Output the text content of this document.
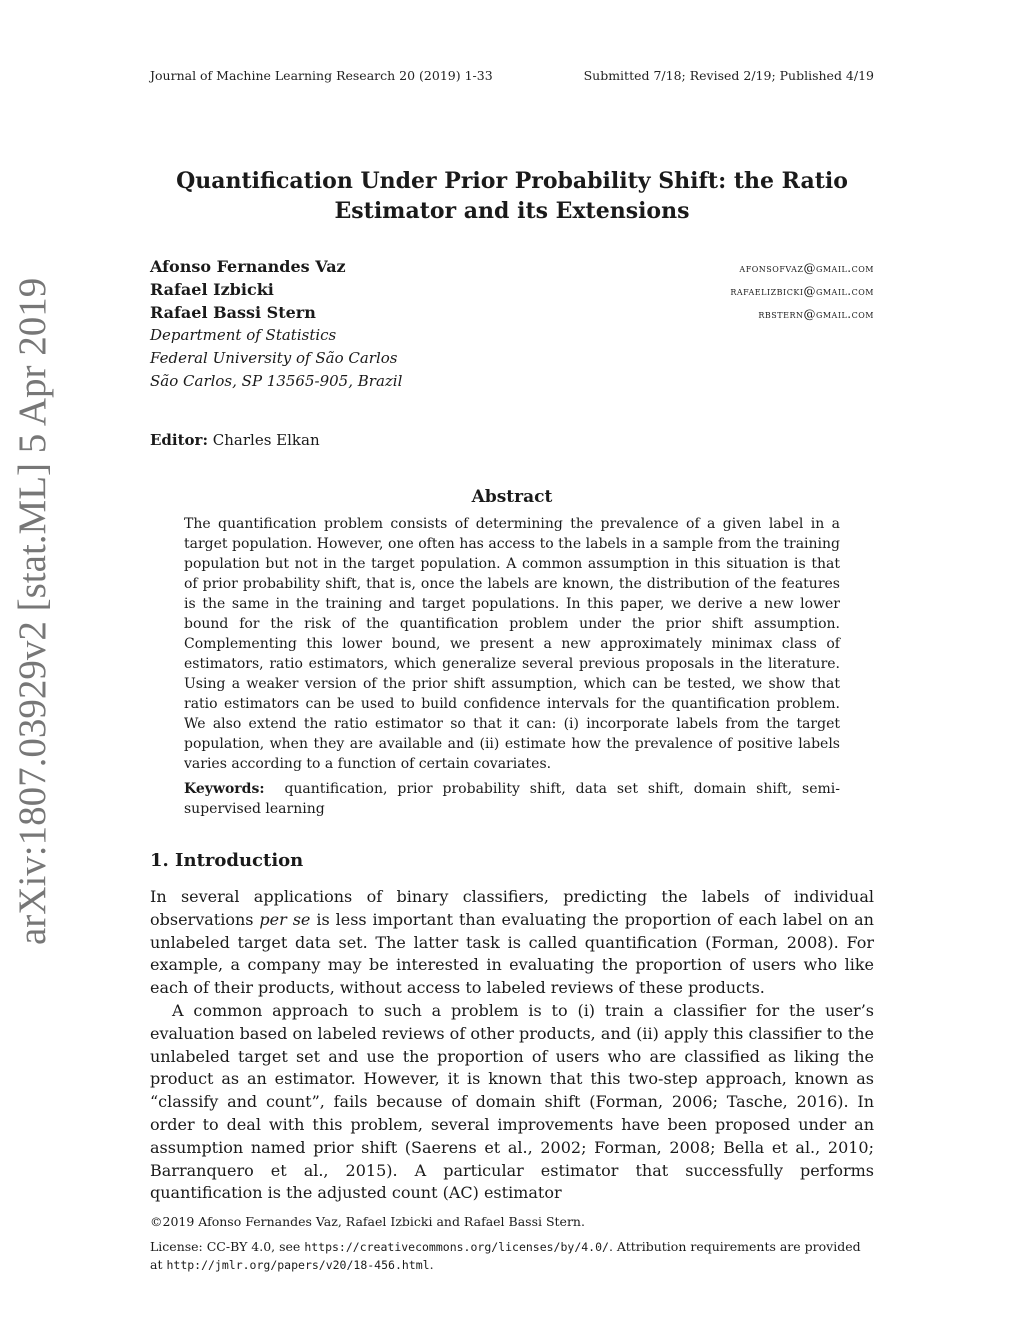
arXiv:1807.03929v2 [stat.ML] 5 Apr 2019
Journal of Machine Learning Research 20 (2019) 1-33	Submitted 7/18; Revised 2/19; Published 4/19
Quantification Under Prior Probability Shift: the Ratio
Estimator and its Extensions
Afonso Fernandes Vaz	afonsofvaz@gmail.com
Rafael Izbicki	rafaelizbicki@gmail.com
Rafael Bassi Stern	rbstern@gmail.com
Department of Statistics
Federal University of São Carlos
São Carlos, SP 13565-905, Brazil
Editor: Charles Elkan
Abstract

The quantification problem consists of determining the prevalence of a given label in a target population. However, one often has access to the labels in a sample from the training population but not in the target population. A common assumption in this situation is that of prior probability shift, that is, once the labels are known, the distribution of the features is the same in the training and target populations. In this paper, we derive a new lower bound for the risk of the quantification problem under the prior shift assumption. Complementing this lower bound, we present a new approximately minimax class of estimators, ratio estimators, which generalize several previous proposals in the literature. Using a weaker version of the prior shift assumption, which can be tested, we show that ratio estimators can be used to build confidence intervals for the quantification problem. We also extend the ratio estimator so that it can: (i) incorporate labels from the target population, when they are available and (ii) estimate how the prevalence of positive labels varies according to a function of certain covariates.

Keywords: quantification, prior probability shift, data set shift, domain shift, semi-supervised learning

1. Introduction

In several applications of binary classifiers, predicting the labels of individual observations per se is less important than evaluating the proportion of each label on an unlabeled target data set. The latter task is called quantification (Forman, 2008). For example, a company may be interested in evaluating the proportion of users who like each of their products, without access to labeled reviews of these products.

A common approach to such a problem is to (i) train a classifier for the user’s evaluation based on labeled reviews of other products, and (ii) apply this classifier to the unlabeled target set and use the proportion of users who are classified as liking the product as an estimator. However, it is known that this two-step approach, known as “classify and count”, fails because of domain shift (Forman, 2006; Tasche, 2016). In order to deal with this problem, several improvements have been proposed under an assumption named prior shift (Saerens et al., 2002; Forman, 2008; Bella et al., 2010; Barranquero et al., 2015). A particular estimator that successfully performs quantification is the adjusted count (AC) estimator

©2019 Afonso Fernandes Vaz, Rafael Izbicki and Rafael Bassi Stern.
License: CC-BY 4.0, see https://creativecommons.org/licenses/by/4.0/. Attribution requirements are provided at http://jmlr.org/papers/v20/18-456.html.
